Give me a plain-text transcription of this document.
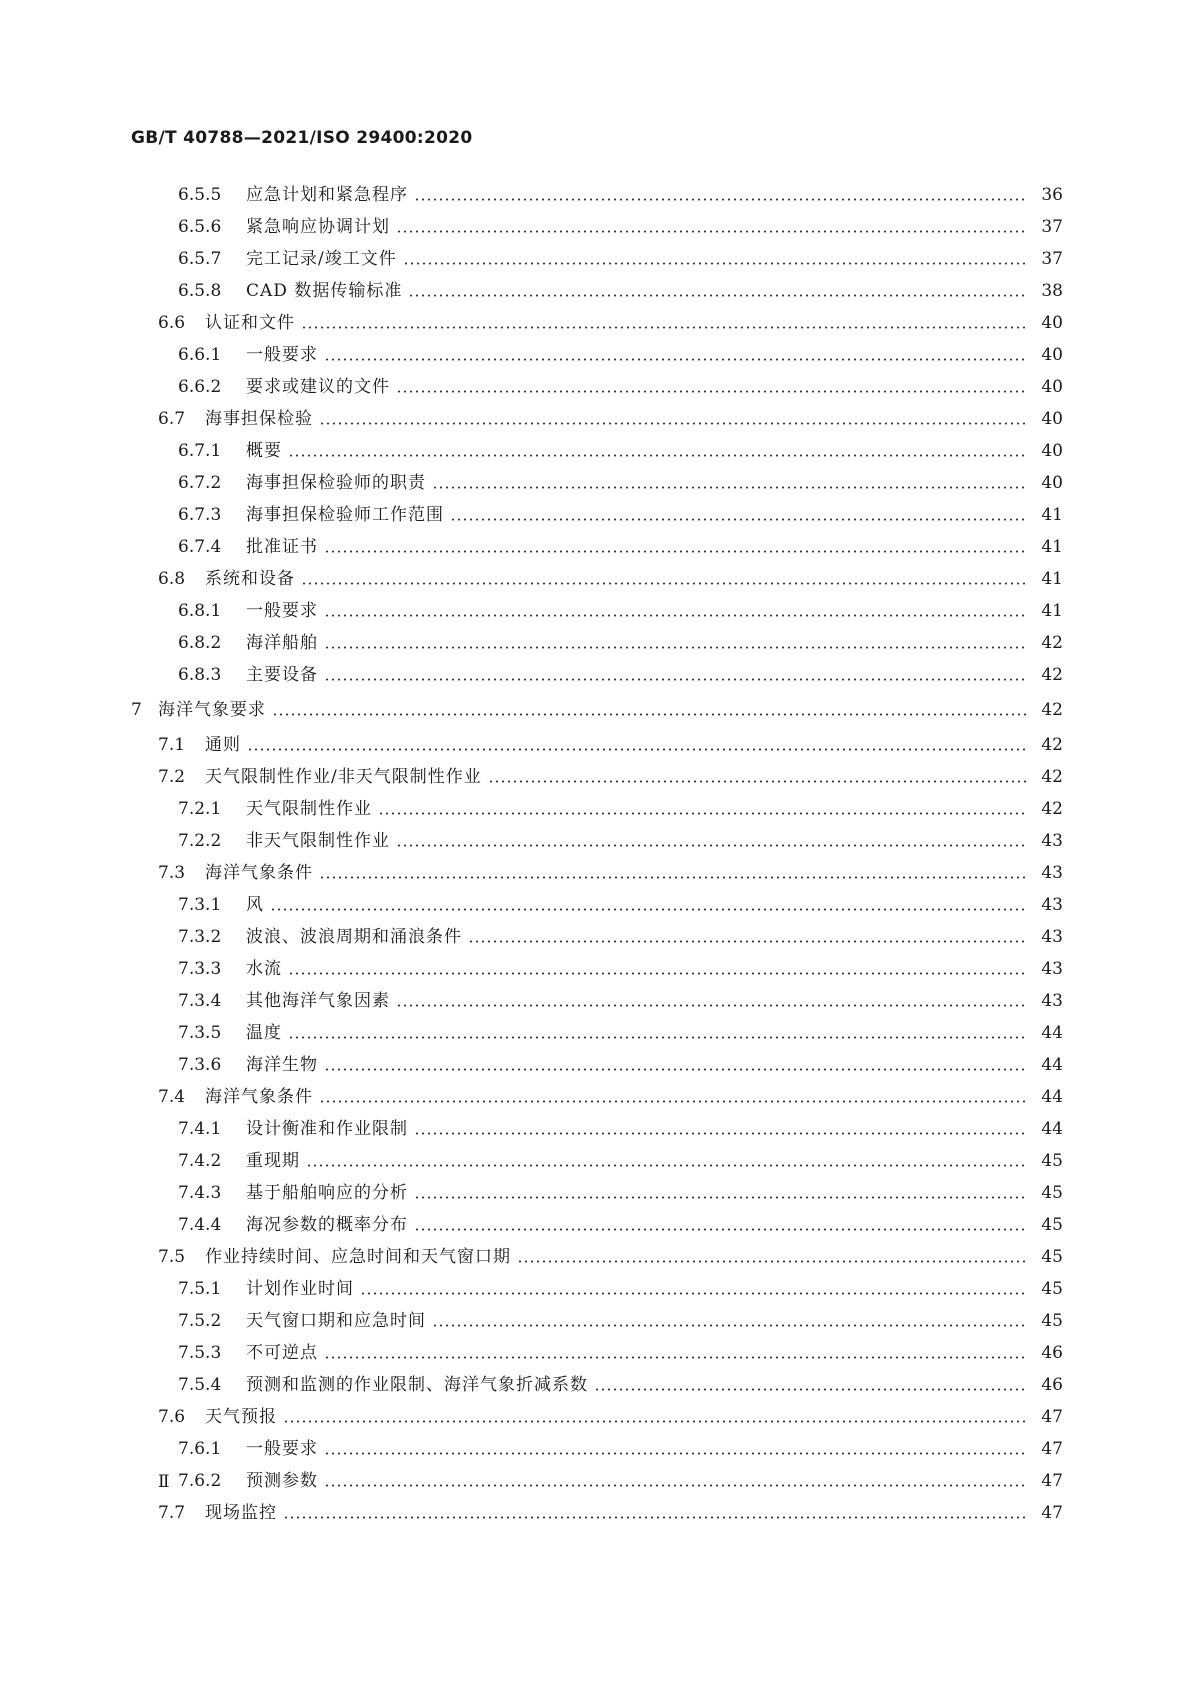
GB/T 40788—2021/ISO 29400:2020
6.5.5 应急计划和紧急程序	36
6.5.6 紧急响应协调计划	37
6.5.7 完工记录/竣工文件	37
6.5.8 CAD 数据传输标准	38
6.6 认证和文件	40
6.6.1 一般要求	40
6.6.2 要求或建议的文件	40
6.7 海事担保检验	40
6.7.1 概要	40
6.7.2 海事担保检验师的职责	40
6.7.3 海事担保检验师工作范围	41
6.7.4 批准证书	41
6.8 系统和设备	41
6.8.1 一般要求	41
6.8.2 海洋船舶	42
6.8.3 主要设备	42
7 海洋气象要求	42
7.1 通则	42
7.2 天气限制性作业/非天气限制性作业	42
7.2.1 天气限制性作业	42
7.2.2 非天气限制性作业	43
7.3 海洋气象条件	43
7.3.1 风	43
7.3.2 波浪、波浪周期和涌浪条件	43
7.3.3 水流	43
7.3.4 其他海洋气象因素	43
7.3.5 温度	44
7.3.6 海洋生物	44
7.4 海洋气象条件	44
7.4.1 设计衡准和作业限制	44
7.4.2 重现期	45
7.4.3 基于船舶响应的分析	45
7.4.4 海况参数的概率分布	45
7.5 作业持续时间、应急时间和天气窗口期	45
7.5.1 计划作业时间	45
7.5.2 天气窗口期和应急时间	45
7.5.3 不可逆点	46
7.5.4 预测和监测的作业限制、海洋气象折减系数	46
7.6 天气预报	47
7.6.1 一般要求	47
7.6.2 预测参数	47
7.7 现场监控	47
Ⅱ
